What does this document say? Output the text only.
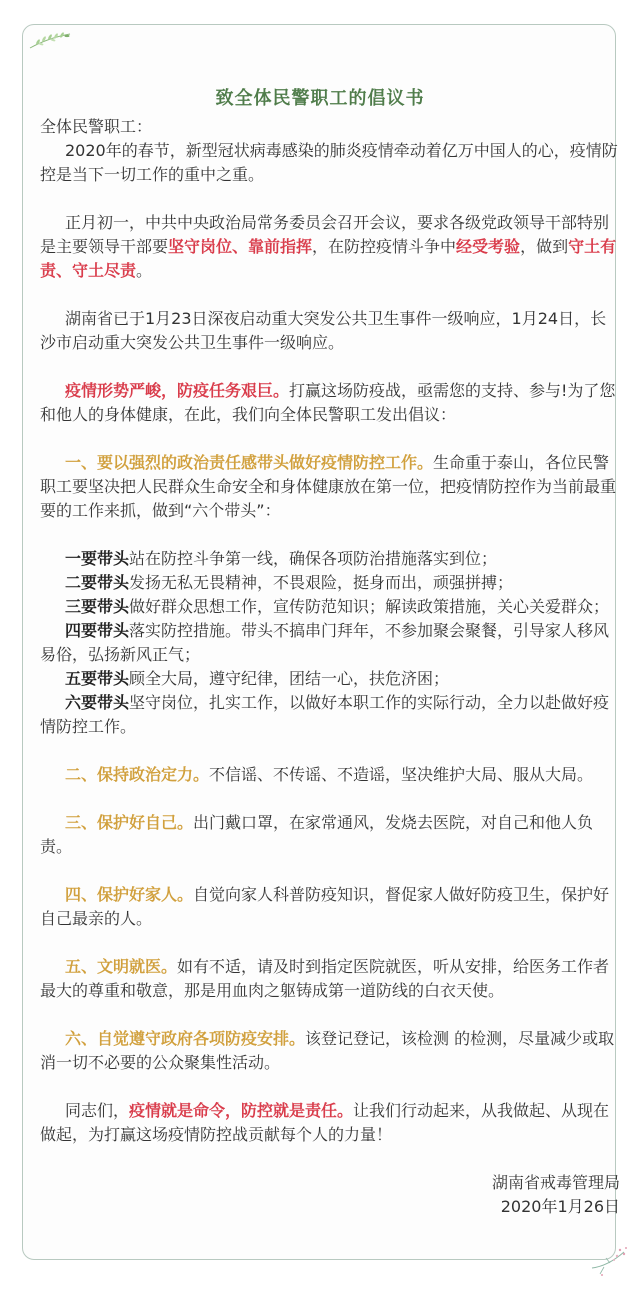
致全体民警职工的倡议书

全体民警职工：

2020年的春节，新型冠状病毒感染的肺炎疫情牵动着亿万中国人的心，疫情防控是当下一切工作的重中之重。

正月初一，中共中央政治局常务委员会召开会议，要求各级党政领导干部特别是主要领导干部要坚守岗位、靠前指挥，在防控疫情斗争中经受考验，做到守土有责、守土尽责。

湖南省已于1月23日深夜启动重大突发公共卫生事件一级响应，1月24日，长沙市启动重大突发公共卫生事件一级响应。

疫情形势严峻，防疫任务艰巨。打赢这场防疫战，亟需您的支持、参与!为了您和他人的身体健康，在此，我们向全体民警职工发出倡议：

一、要以强烈的政治责任感带头做好疫情防控工作。生命重于泰山，各位民警职工要坚决把人民群众生命安全和身体健康放在第一位，把疫情防控作为当前最重要的工作来抓，做到“六个带头”：

一要带头站在防控斗争第一线，确保各项防治措施落实到位；

二要带头发扬无私无畏精神，不畏艰险，挺身而出，顽强拼搏；

三要带头做好群众思想工作，宣传防范知识；解读政策措施，关心关爱群众；

四要带头落实防控措施。带头不搞串门拜年，不参加聚会聚餐，引导家人移风易俗，弘扬新风正气；

五要带头顾全大局，遵守纪律，团结一心，扶危济困；

六要带头坚守岗位，扎实工作，以做好本职工作的实际行动，全力以赴做好疫情防控工作。

二、保持政治定力。不信谣、不传谣、不造谣，坚决维护大局、服从大局。

三、保护好自己。出门戴口罩，在家常通风，发烧去医院，对自己和他人负责。

四、保护好家人。自觉向家人科普防疫知识，督促家人做好防疫卫生，保护好自己最亲的人。

五、文明就医。如有不适，请及时到指定医院就医，听从安排，给医务工作者最大的尊重和敬意，那是用血肉之躯铸成第一道防线的白衣天使。

六、自觉遵守政府各项防疫安排。该登记登记，该检测 的检测，尽量减少或取消一切不必要的公众聚集性活动。

同志们，疫情就是命令，防控就是责任。让我们行动起来，从我做起、从现在做起，为打赢这场疫情防控战贡献每个人的力量！

湖南省戒毒管理局

2020年1月26日
